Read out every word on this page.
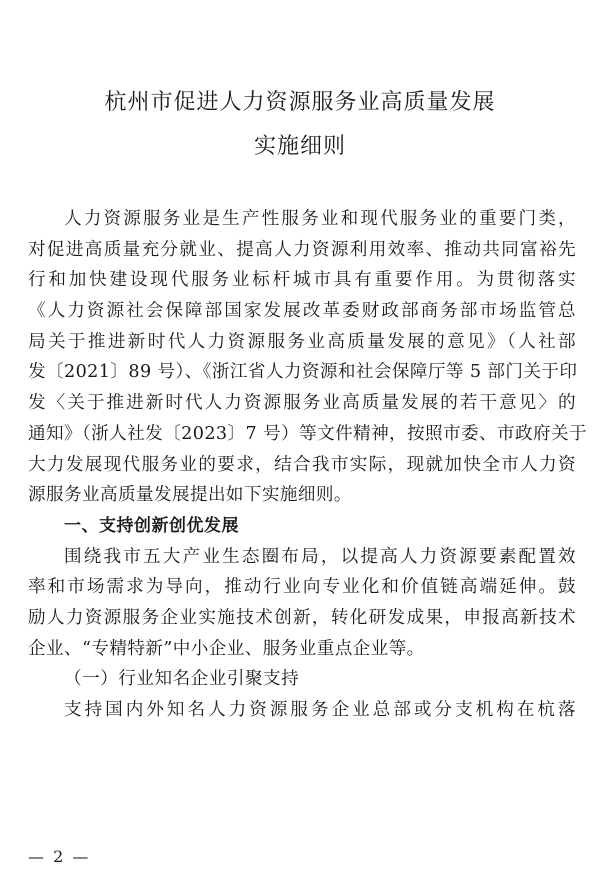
杭州市促进人力资源服务业高质量发展
实施细则
人力资源服务业是生产性服务业和现代服务业的重要门类，
对促进高质量充分就业、提高人力资源利用效率、推动共同富裕先
行和加快建设现代服务业标杆城市具有重要作用。为贯彻落实
《人力资源社会保障部国家发展改革委财政部商务部市场监管总
局关于推进新时代人力资源服务业高质量发展的意见》（人社部
发〔2021〕89 号）、《浙江省人力资源和社会保障厅等 5 部门关于印
发〈关于推进新时代人力资源服务业高质量发展的若干意见〉的
通知》（浙人社发〔2023〕7 号）等文件精神，按照市委、市政府关于
大力发展现代服务业的要求，结合我市实际，现就加快全市人力资
源服务业高质量发展提出如下实施细则。
一、支持创新创优发展
围绕我市五大产业生态圈布局，以提高人力资源要素配置效
率和市场需求为导向，推动行业向专业化和价值链高端延伸。鼓
励人力资源服务企业实施技术创新，转化研发成果，申报高新技术
企业、“专精特新”中小企业、服务业重点企业等。
（一）行业知名企业引聚支持
支持国内外知名人力资源服务企业总部或分支机构在杭落
— 2 —
